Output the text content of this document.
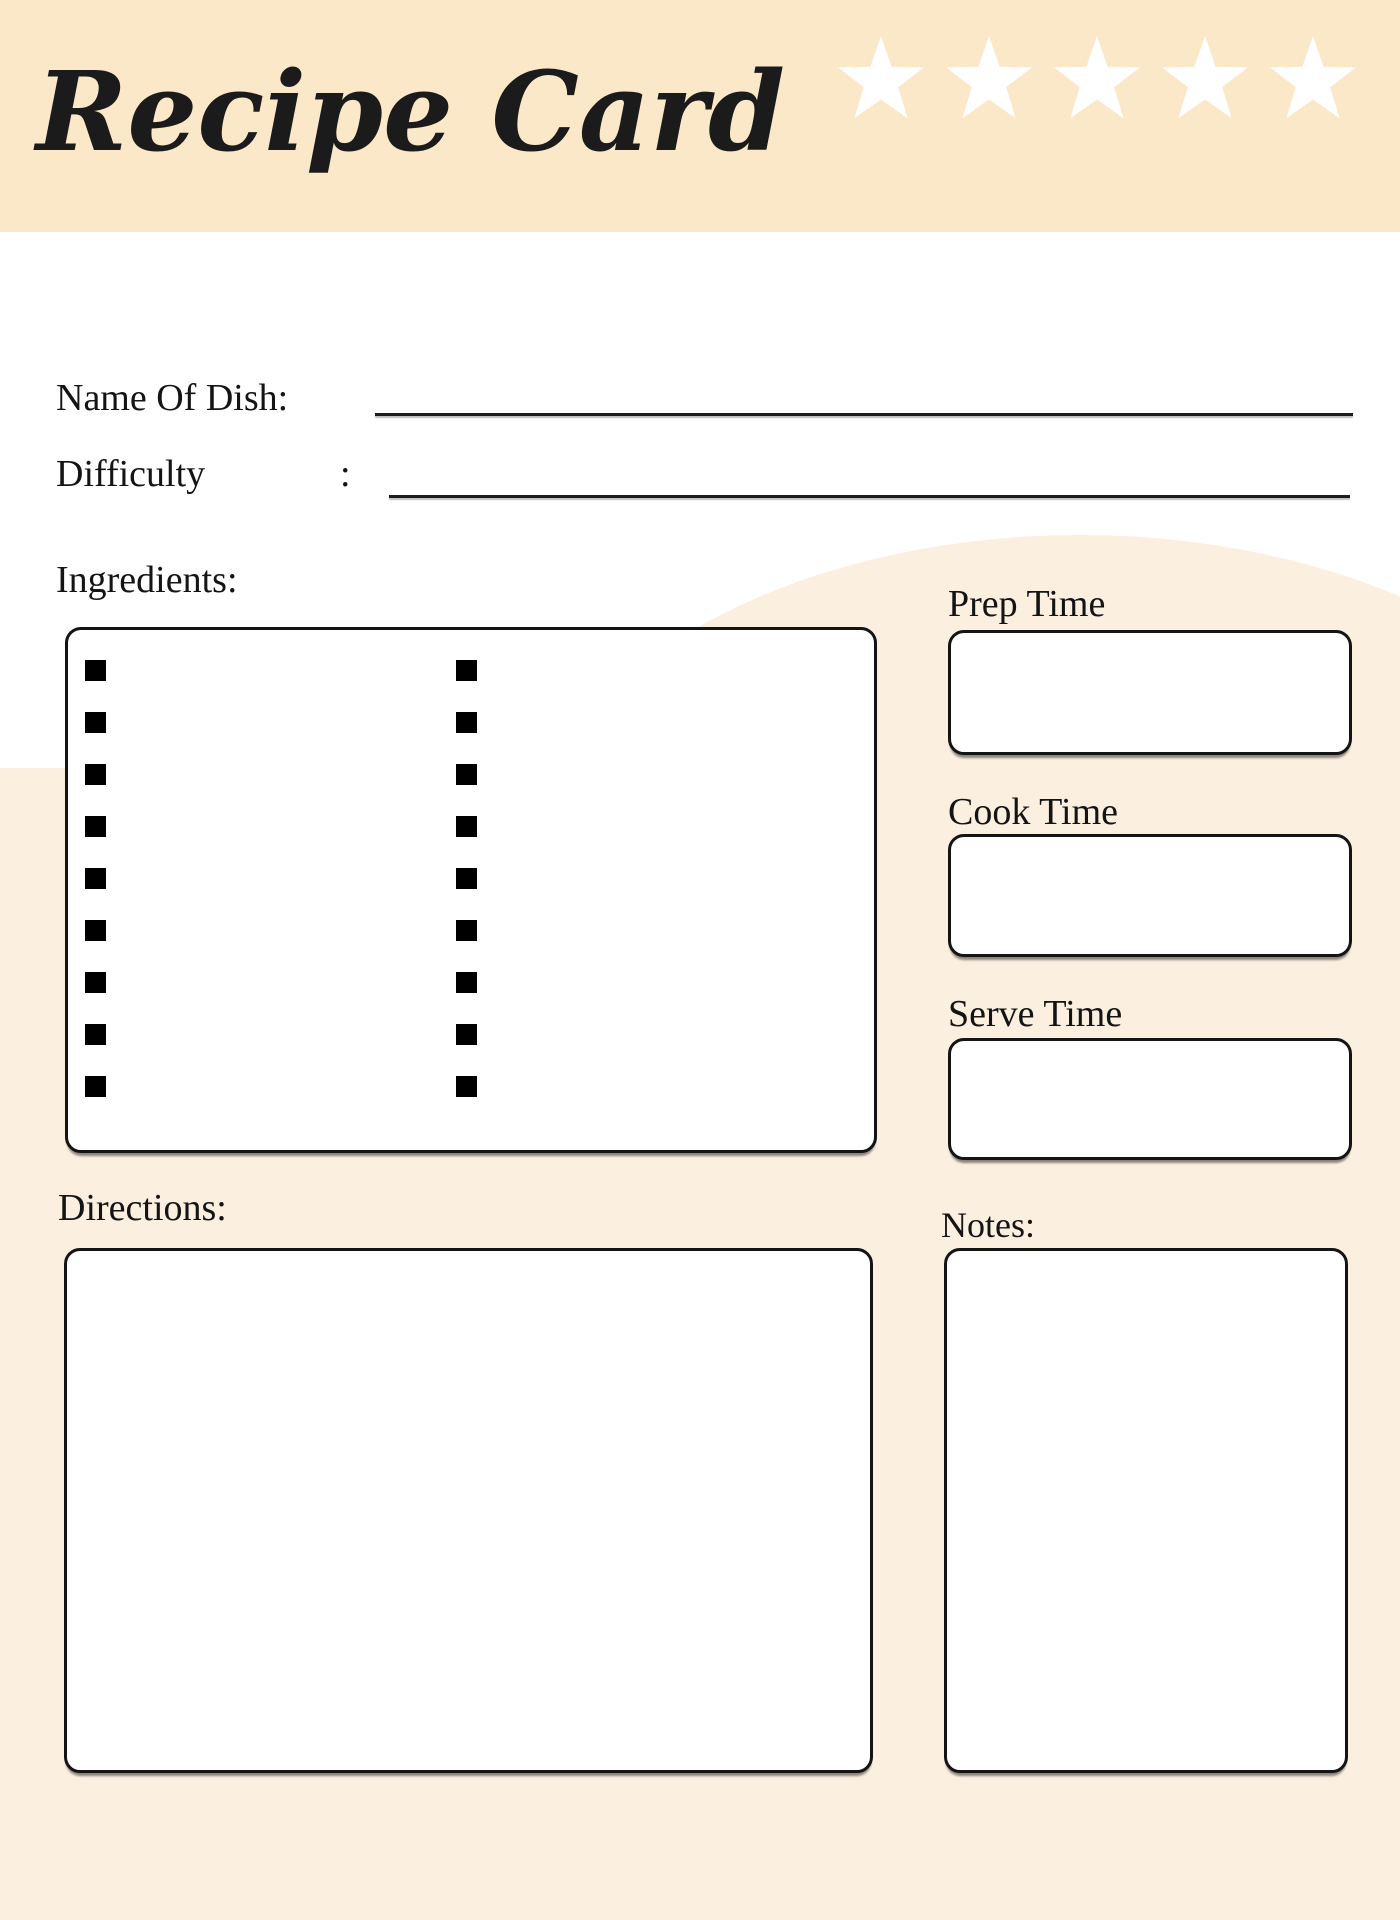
Recipe Card
Name Of Dish:
Difficulty	:
Ingredients:
Prep Time
Cook Time
Serve Time
Directions:	Notes:
